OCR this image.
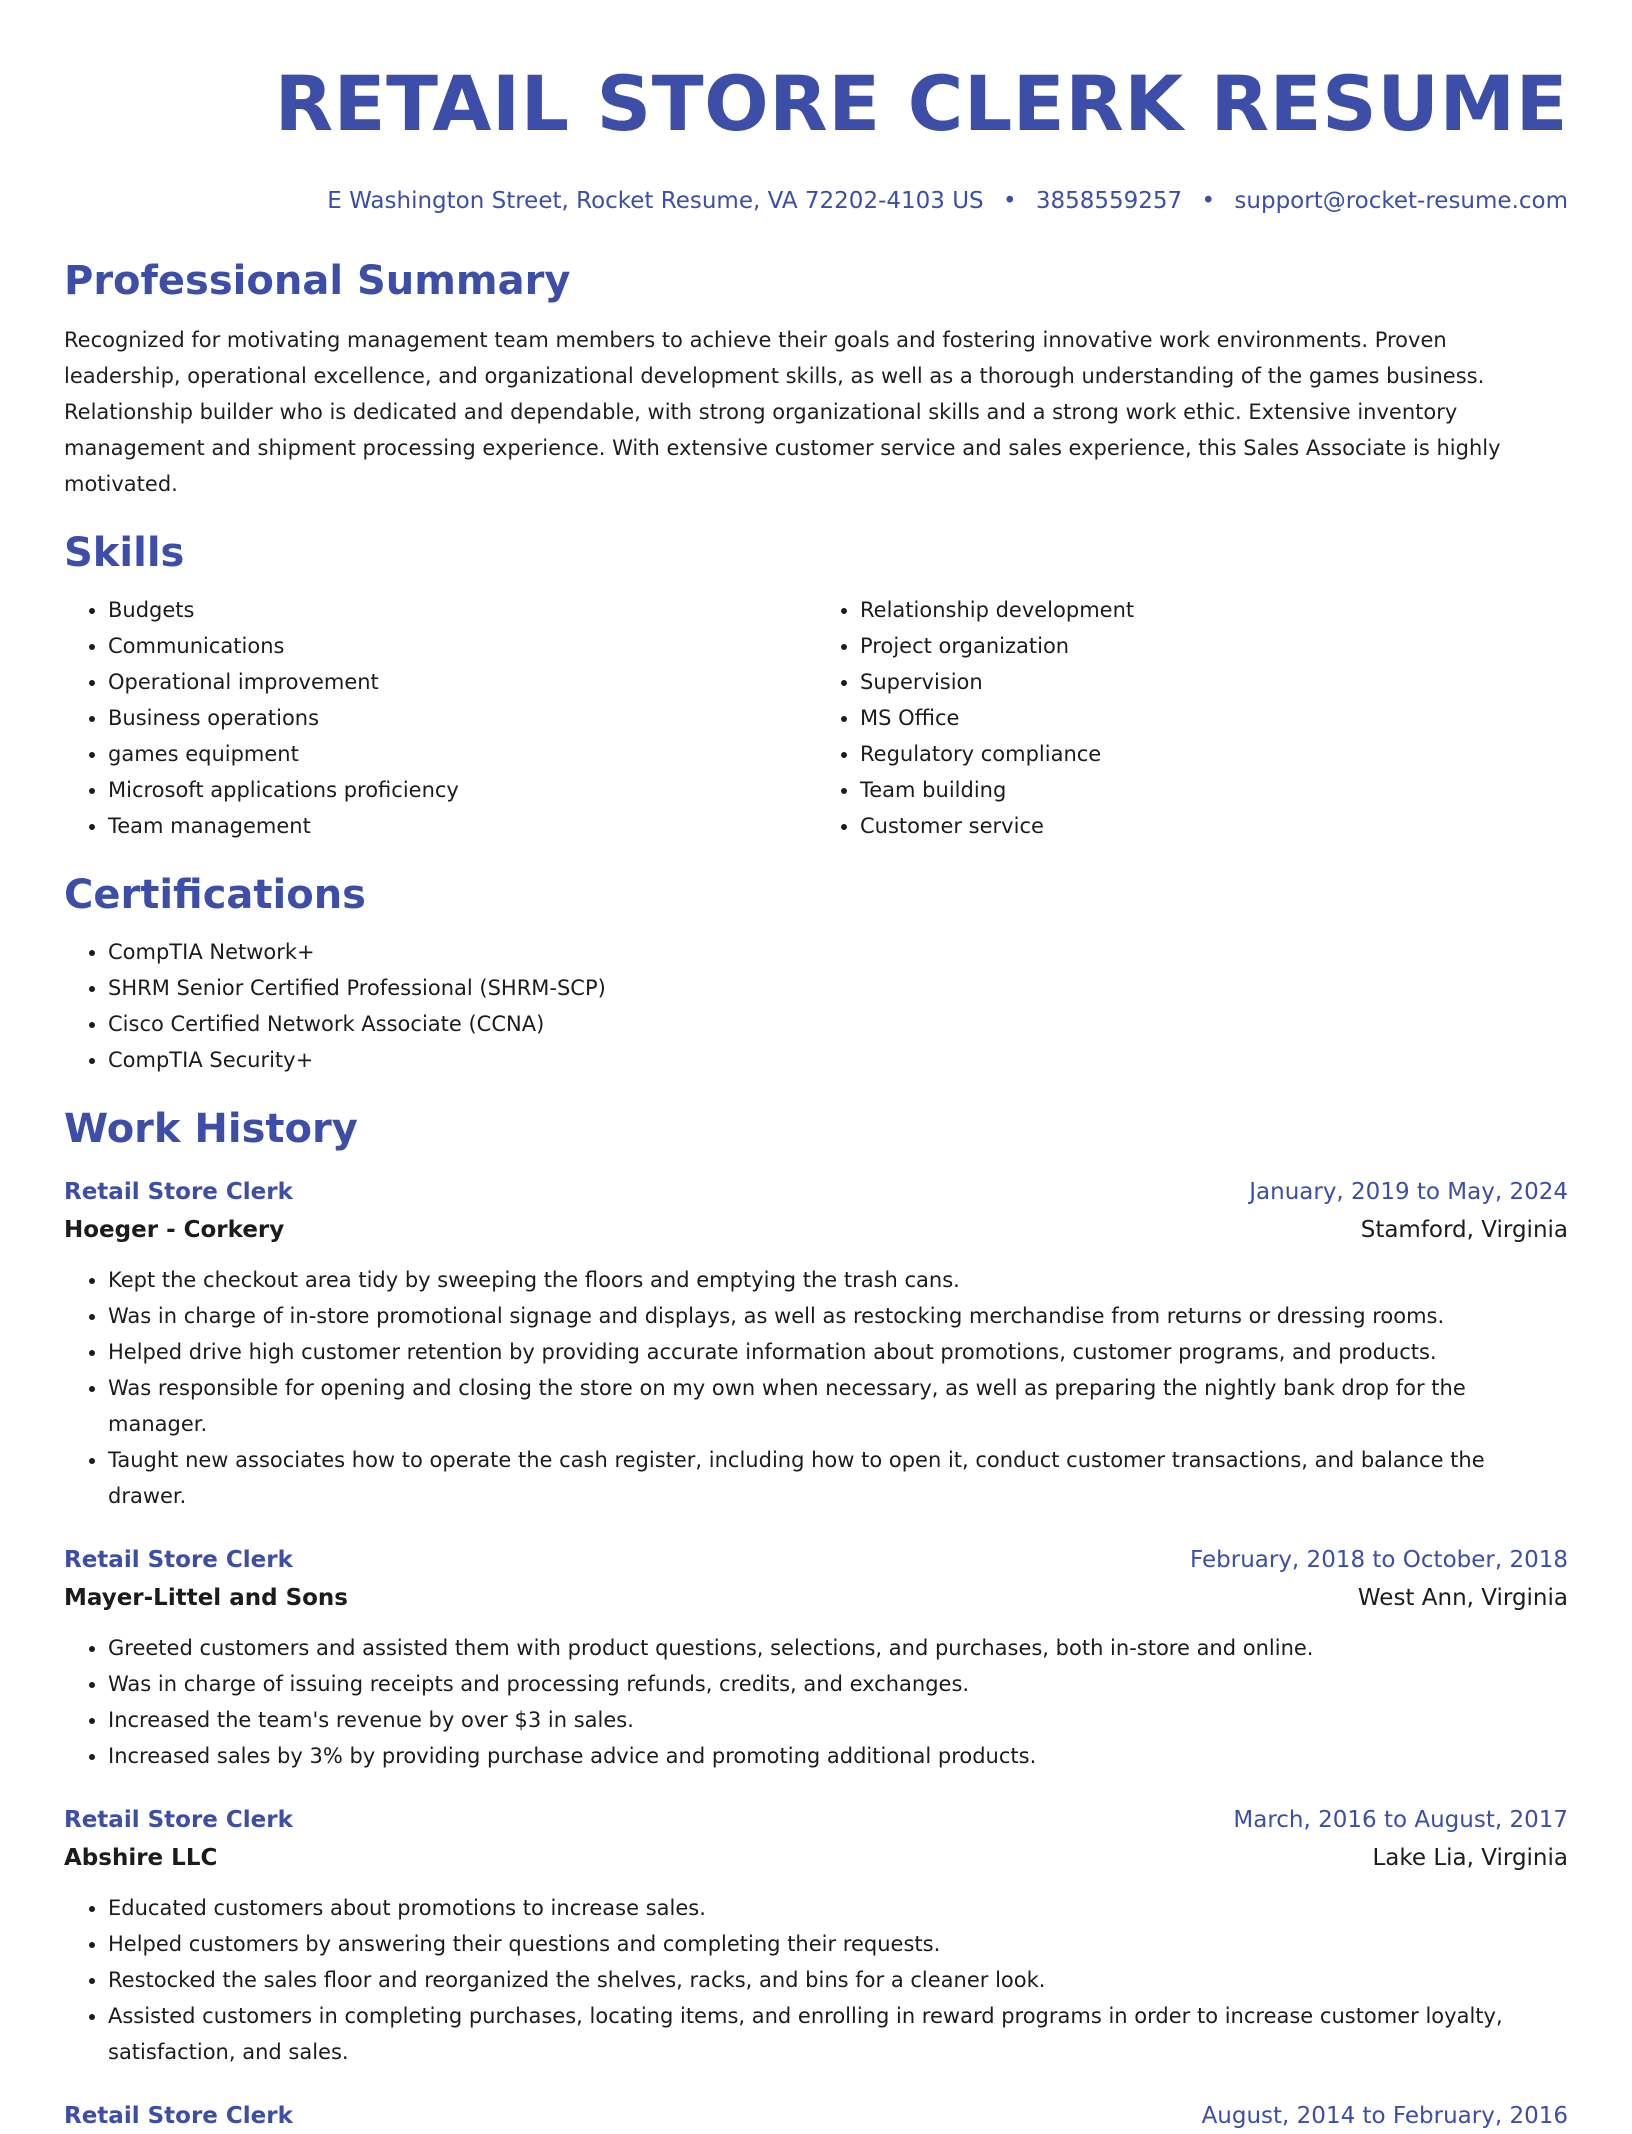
RETAIL STORE CLERK RESUME
E Washington Street, Rocket Resume, VA 72202-4103 US • 3858559257 • support@rocket-resume.com
Professional Summary
Recognized for motivating management team members to achieve their goals and fostering innovative work environments. Proven leadership, operational excellence, and organizational development skills, as well as a thorough understanding of the games business. Relationship builder who is dedicated and dependable, with strong organizational skills and a strong work ethic. Extensive inventory management and shipment processing experience. With extensive customer service and sales experience, this Sales Associate is highly motivated.
Skills
• Budgets
• Communications
• Operational improvement
• Business operations
• games equipment
• Microsoft applications proficiency
• Team management
• Relationship development
• Project organization
• Supervision
• MS Office
• Regulatory compliance
• Team building
• Customer service
Certifications
• CompTIA Network+
• SHRM Senior Certified Professional (SHRM-SCP)
• Cisco Certified Network Associate (CCNA)
• CompTIA Security+
Work History
Retail Store Clerk	January, 2019 to May, 2024
Hoeger - Corkery	Stamford, Virginia
• Kept the checkout area tidy by sweeping the floors and emptying the trash cans.
• Was in charge of in-store promotional signage and displays, as well as restocking merchandise from returns or dressing rooms.
• Helped drive high customer retention by providing accurate information about promotions, customer programs, and products.
• Was responsible for opening and closing the store on my own when necessary, as well as preparing the nightly bank drop for the manager.
• Taught new associates how to operate the cash register, including how to open it, conduct customer transactions, and balance the drawer.
Retail Store Clerk	February, 2018 to October, 2018
Mayer-Littel and Sons	West Ann, Virginia
• Greeted customers and assisted them with product questions, selections, and purchases, both in-store and online.
• Was in charge of issuing receipts and processing refunds, credits, and exchanges.
• Increased the team's revenue by over $3 in sales.
• Increased sales by 3% by providing purchase advice and promoting additional products.
Retail Store Clerk	March, 2016 to August, 2017
Abshire LLC	Lake Lia, Virginia
• Educated customers about promotions to increase sales.
• Helped customers by answering their questions and completing their requests.
• Restocked the sales floor and reorganized the shelves, racks, and bins for a cleaner look.
• Assisted customers in completing purchases, locating items, and enrolling in reward programs in order to increase customer loyalty, satisfaction, and sales.
Retail Store Clerk	August, 2014 to February, 2016
